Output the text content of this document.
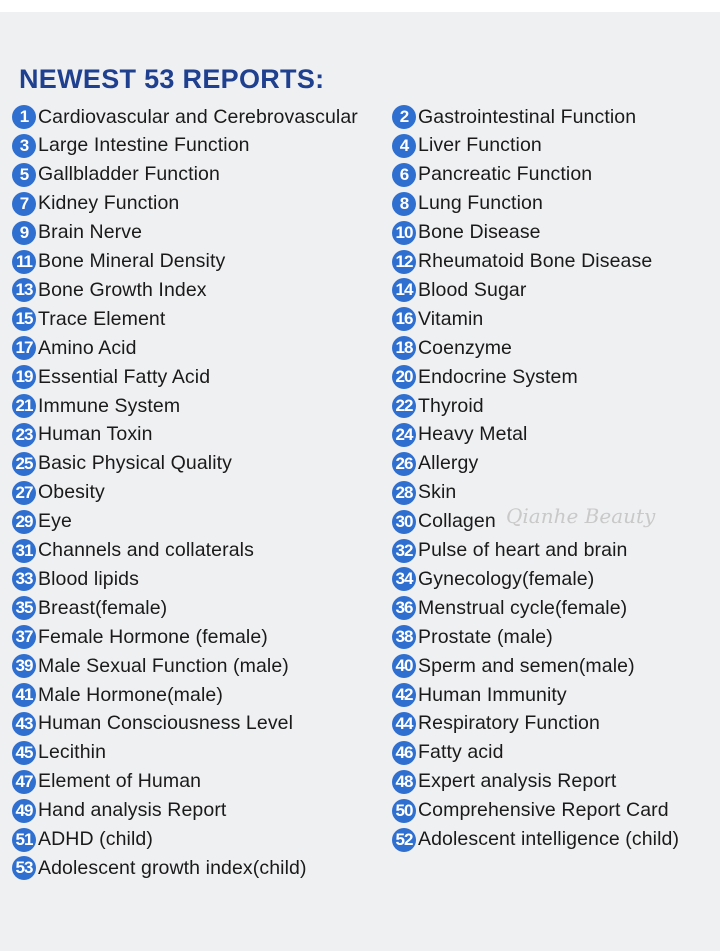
NEWEST 53 REPORTS:
1 Cardiovascular and Cerebrovascular	2 Gastrointestinal Function
3 Large Intestine Function	4 Liver Function
5 Gallbladder Function	6 Pancreatic Function
7 Kidney Function	8 Lung Function
9 Brain Nerve	10 Bone Disease
11 Bone Mineral Density	12 Rheumatoid Bone Disease
13 Bone Growth Index	14 Blood Sugar
15 Trace Element	16 Vitamin
17 Amino Acid	18 Coenzyme
19 Essential Fatty Acid	20 Endocrine System
21 Immune System	22 Thyroid
23 Human Toxin	24 Heavy Metal
25 Basic Physical Quality	26 Allergy
27 Obesity	28 Skin
29 Eye	30 Collagen
31 Channels and collaterals	32 Pulse of heart and brain
33 Blood lipids	34 Gynecology(female)
35 Breast(female)	36 Menstrual cycle(female)
37 Female Hormone (female)	38 Prostate (male)
39 Male Sexual Function (male)	40 Sperm and semen(male)
41 Male Hormone(male)	42 Human Immunity
43 Human Consciousness Level	44 Respiratory Function
45 Lecithin	46 Fatty acid
47 Element of Human	48 Expert analysis Report
49 Hand analysis Report	50 Comprehensive Report Card
51 ADHD (child)	52 Adolescent intelligence (child)
53 Adolescent growth index(child)
Qianhe Beauty
